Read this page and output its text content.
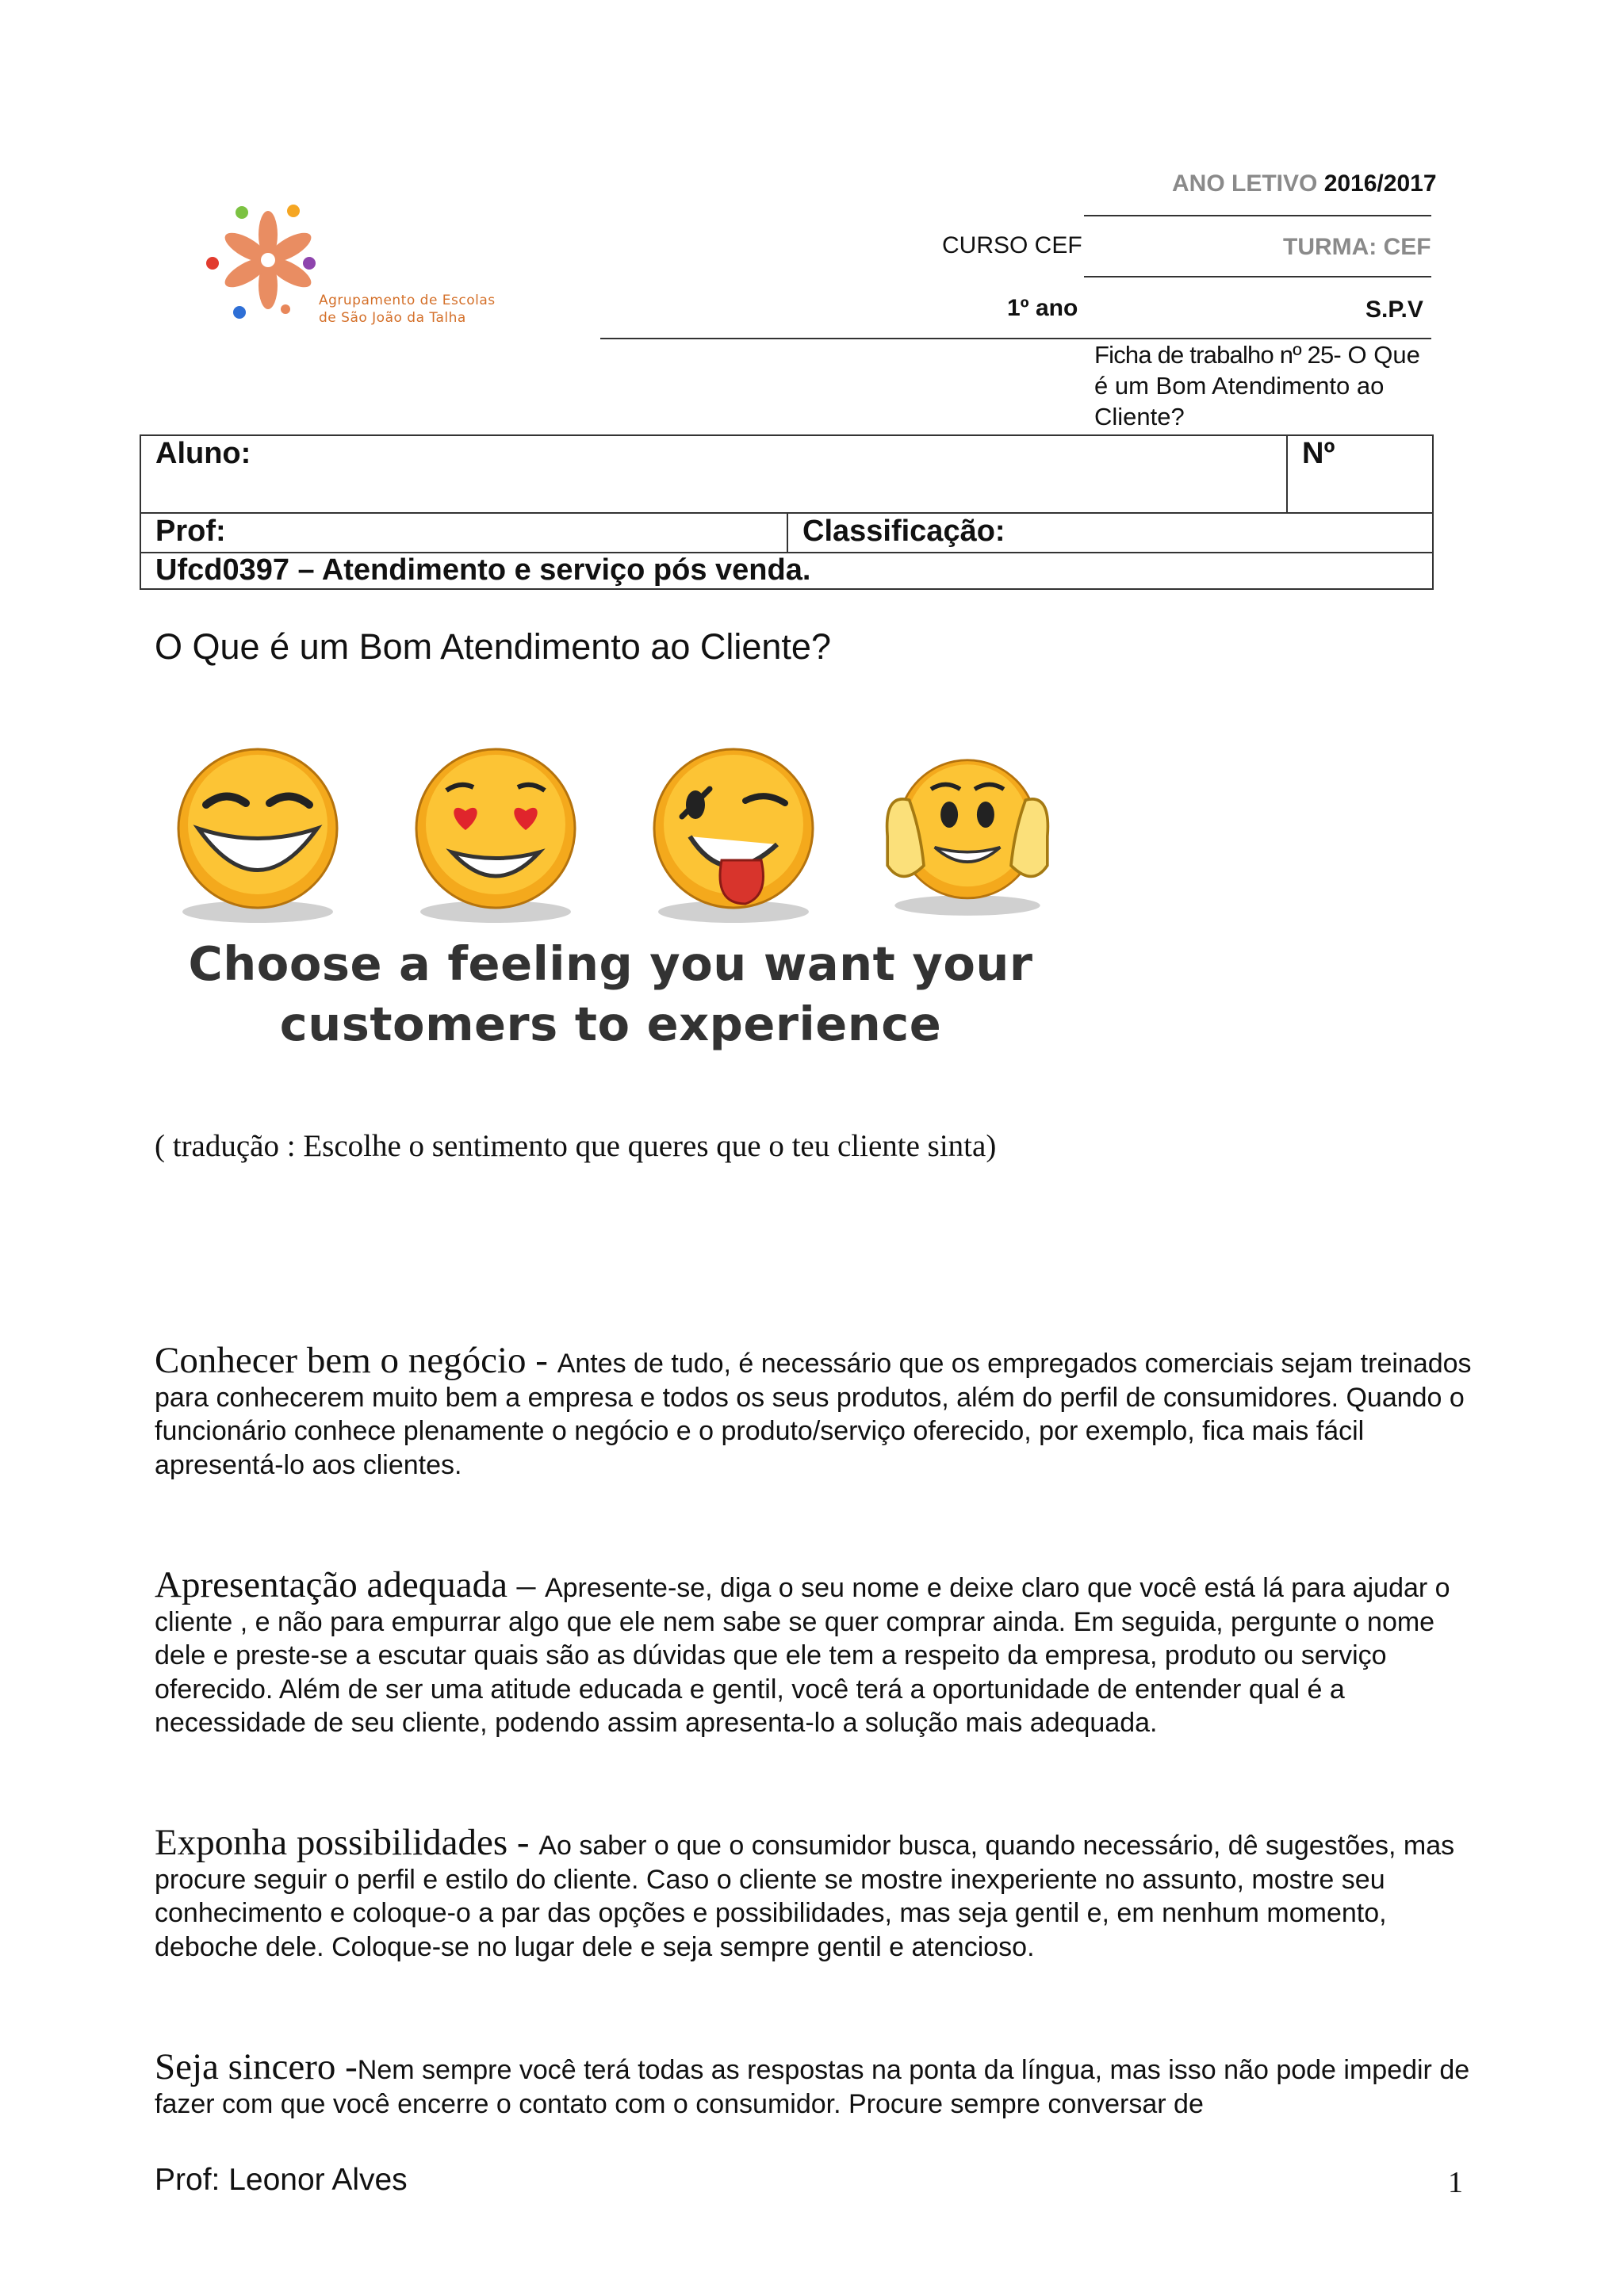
Agrupamento de Escolas
de São João da Talha
ANO LETIVO 2016/2017
CURSO CEF	TURMA: CEF
1º ano	S.P.V
Ficha de trabalho nº 25- O Que é um Bom Atendimento ao Cliente?
Aluno:	Nº
Prof:	Classificação:
Ufcd0397 – Atendimento e serviço pós venda.
O Que é um Bom Atendimento ao Cliente?
Choose a feeling you want your
customers to experience
( tradução : Escolhe o sentimento que queres que o teu cliente sinta)
Conhecer bem o negócio - Antes de tudo, é necessário que os empregados comerciais sejam treinados para conhecerem muito bem a empresa e todos os seus produtos, além do perfil de consumidores. Quando o funcionário conhece plenamente o negócio e o produto/serviço oferecido, por exemplo, fica mais fácil apresentá-lo aos clientes.
Apresentação adequada – Apresente-se, diga o seu nome e deixe claro que você está lá para ajudar o cliente , e não para empurrar algo que ele nem sabe se quer comprar ainda. Em seguida, pergunte o nome dele e preste-se a escutar quais são as dúvidas que ele tem a respeito da empresa, produto ou serviço oferecido. Além de ser uma atitude educada e gentil, você terá a oportunidade de entender qual é a necessidade de seu cliente, podendo assim apresenta-lo a solução mais adequada.
Exponha possibilidades - Ao saber o que o consumidor busca, quando necessário, dê sugestões, mas procure seguir o perfil e estilo do cliente. Caso o cliente se mostre inexperiente no assunto, mostre seu conhecimento e coloque-o a par das opções e possibilidades, mas seja gentil e, em nenhum momento, deboche dele. Coloque-se no lugar dele e seja sempre gentil e atencioso.
Seja sincero -Nem sempre você terá todas as respostas na ponta da língua, mas isso não pode impedir de fazer com que você encerre o contato com o consumidor. Procure sempre conversar de
Prof: Leonor Alves	1
